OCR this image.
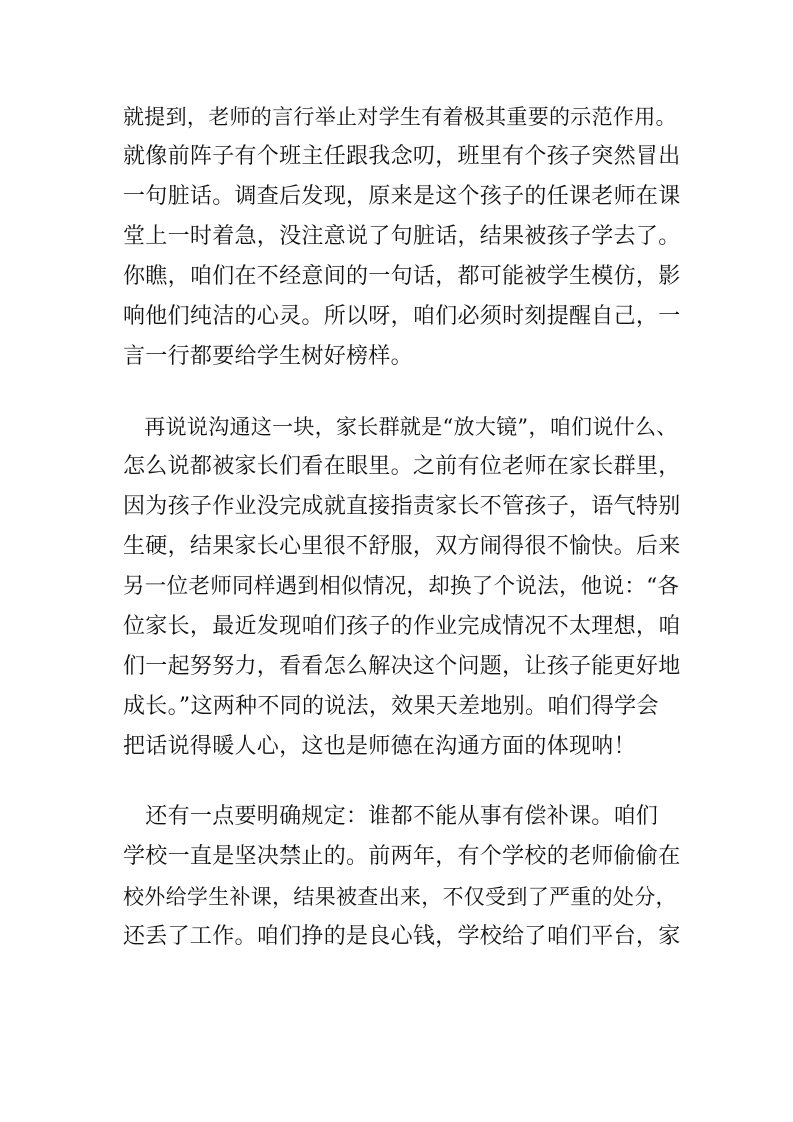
就提到，老师的言行举止对学生有着极其重要的示范作用。
就像前阵子有个班主任跟我念叨，班里有个孩子突然冒出
一句脏话。调查后发现，原来是这个孩子的任课老师在课
堂上一时着急，没注意说了句脏话，结果被孩子学去了。
你瞧，咱们在不经意间的一句话，都可能被学生模仿，影
响他们纯洁的心灵。所以呀，咱们必须时刻提醒自己，一
言一行都要给学生树好榜样。
　再说说沟通这一块，家长群就是“放大镜”，咱们说什么、
怎么说都被家长们看在眼里。之前有位老师在家长群里，
因为孩子作业没完成就直接指责家长不管孩子，语气特别
生硬，结果家长心里很不舒服，双方闹得很不愉快。后来
另一位老师同样遇到相似情况，却换了个说法，他说：“各
位家长，最近发现咱们孩子的作业完成情况不太理想，咱
们一起努努力，看看怎么解决这个问题，让孩子能更好地
成长。”这两种不同的说法，效果天差地别。咱们得学会
把话说得暖人心，这也是师德在沟通方面的体现呐！
　还有一点要明确规定：谁都不能从事有偿补课。咱们
学校一直是坚决禁止的。前两年，有个学校的老师偷偷在
校外给学生补课，结果被查出来，不仅受到了严重的处分，
还丢了工作。咱们挣的是良心钱，学校给了咱们平台，家
